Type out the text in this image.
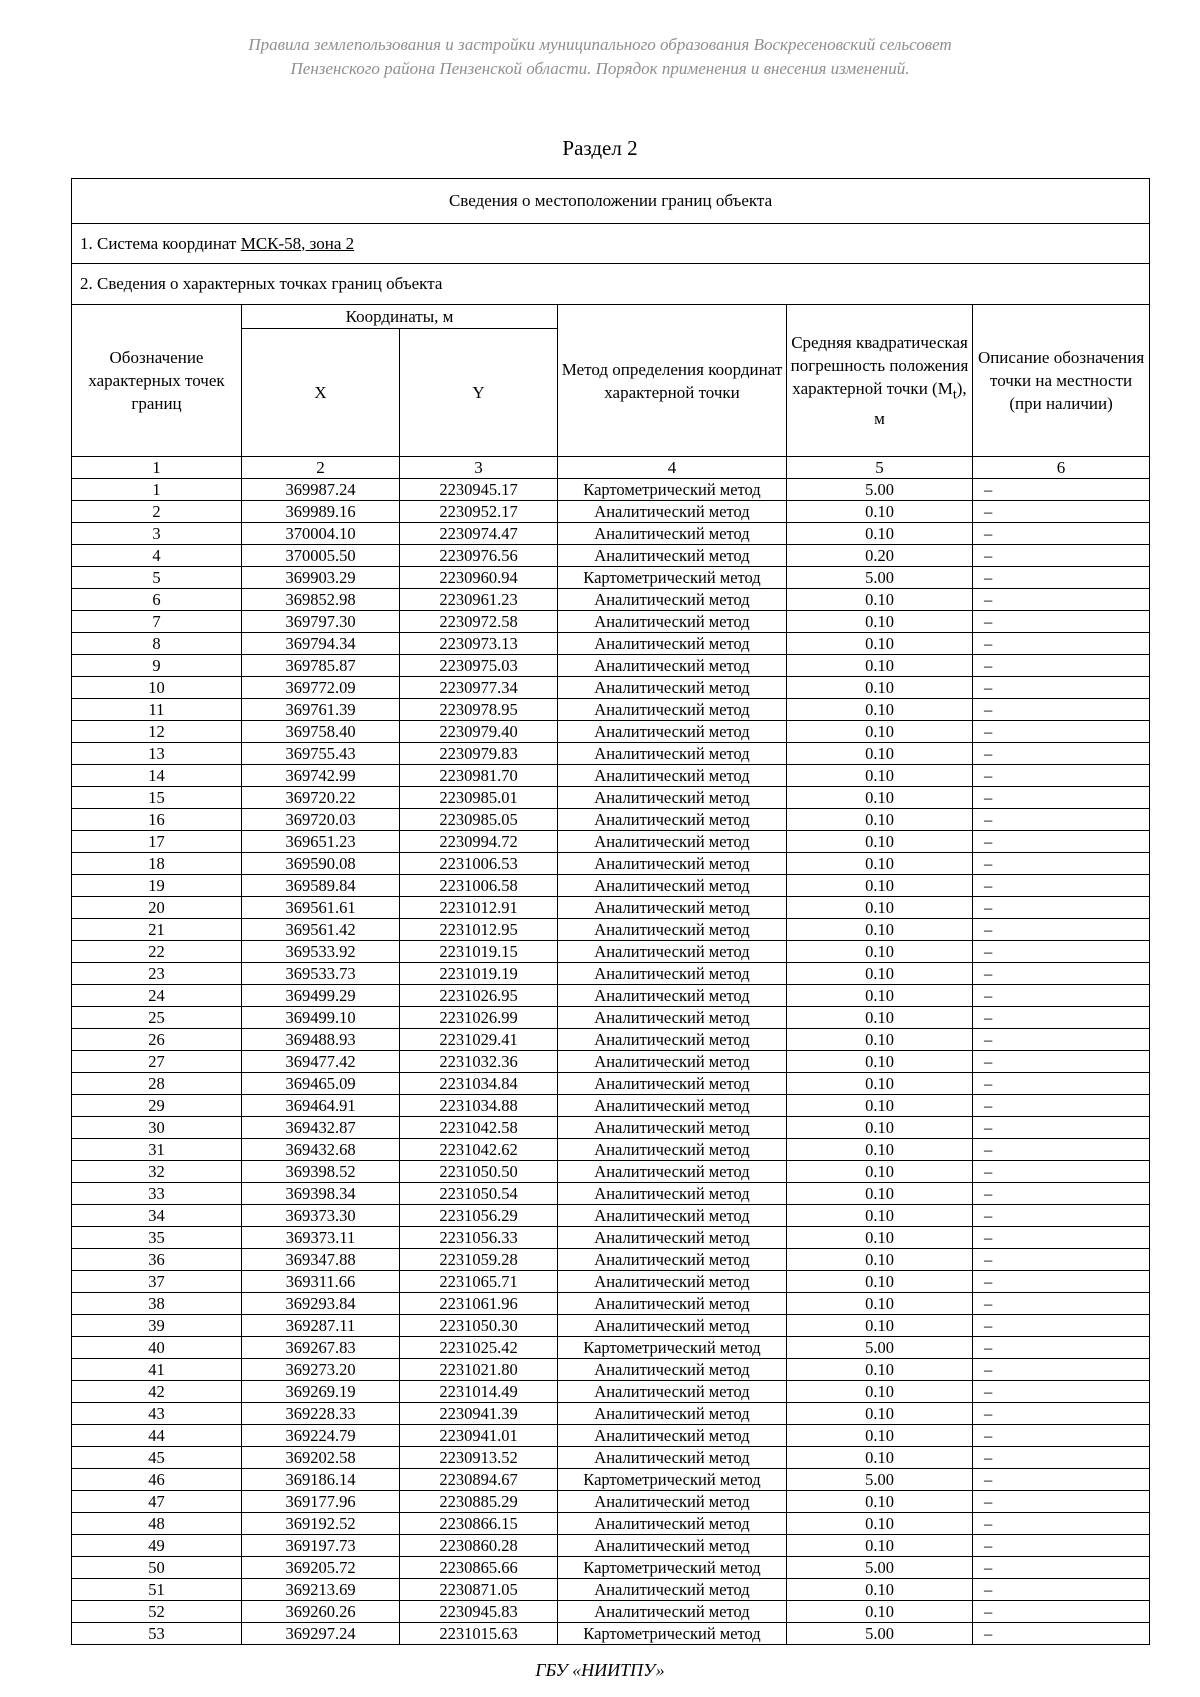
Правила землепользования и застройки муниципального образования Воскресеновский сельсовет
Пензенского района Пензенской области. Порядок применения и внесения изменений.
Раздел 2
Сведения о местоположении границ объекта					
1. Система координат МСК-58, зона 2					
2. Сведения о характерных точках границ объекта					
Обозначение характерных точек границ	Координаты, м		Метод определения координат характерной точки	Средняя квадратическая погрешность положения характерной точки $(M_t)$, м	Описание обозначения точки на местности (при наличии)
	X	Y			
1	2	3	4	5	6
1	369987.24	2230945.17	Картометрический метод	5.00	–
2	369989.16	2230952.17	Аналитический метод	0.10	–
3	370004.10	2230974.47	Аналитический метод	0.10	–
4	370005.50	2230976.56	Аналитический метод	0.20	–
5	369903.29	2230960.94	Картометрический метод	5.00	–
6	369852.98	2230961.23	Аналитический метод	0.10	–
7	369797.30	2230972.58	Аналитический метод	0.10	–
8	369794.34	2230973.13	Аналитический метод	0.10	–
9	369785.87	2230975.03	Аналитический метод	0.10	–
10	369772.09	2230977.34	Аналитический метод	0.10	–
11	369761.39	2230978.95	Аналитический метод	0.10	–
12	369758.40	2230979.40	Аналитический метод	0.10	–
13	369755.43	2230979.83	Аналитический метод	0.10	–
14	369742.99	2230981.70	Аналитический метод	0.10	–
15	369720.22	2230985.01	Аналитический метод	0.10	–
16	369720.03	2230985.05	Аналитический метод	0.10	–
17	369651.23	2230994.72	Аналитический метод	0.10	–
18	369590.08	2231006.53	Аналитический метод	0.10	–
19	369589.84	2231006.58	Аналитический метод	0.10	–
20	369561.61	2231012.91	Аналитический метод	0.10	–
21	369561.42	2231012.95	Аналитический метод	0.10	–
22	369533.92	2231019.15	Аналитический метод	0.10	–
23	369533.73	2231019.19	Аналитический метод	0.10	–
24	369499.29	2231026.95	Аналитический метод	0.10	–
25	369499.10	2231026.99	Аналитический метод	0.10	–
26	369488.93	2231029.41	Аналитический метод	0.10	–
27	369477.42	2231032.36	Аналитический метод	0.10	–
28	369465.09	2231034.84	Аналитический метод	0.10	–
29	369464.91	2231034.88	Аналитический метод	0.10	–
30	369432.87	2231042.58	Аналитический метод	0.10	–
31	369432.68	2231042.62	Аналитический метод	0.10	–
32	369398.52	2231050.50	Аналитический метод	0.10	–
33	369398.34	2231050.54	Аналитический метод	0.10	–
34	369373.30	2231056.29	Аналитический метод	0.10	–
35	369373.11	2231056.33	Аналитический метод	0.10	–
36	369347.88	2231059.28	Аналитический метод	0.10	–
37	369311.66	2231065.71	Аналитический метод	0.10	–
38	369293.84	2231061.96	Аналитический метод	0.10	–
39	369287.11	2231050.30	Аналитический метод	0.10	–
40	369267.83	2231025.42	Картометрический метод	5.00	–
41	369273.20	2231021.80	Аналитический метод	0.10	–
42	369269.19	2231014.49	Аналитический метод	0.10	–
43	369228.33	2230941.39	Аналитический метод	0.10	–
44	369224.79	2230941.01	Аналитический метод	0.10	–
45	369202.58	2230913.52	Аналитический метод	0.10	–
46	369186.14	2230894.67	Картометрический метод	5.00	–
47	369177.96	2230885.29	Аналитический метод	0.10	–
48	369192.52	2230866.15	Аналитический метод	0.10	–
49	369197.73	2230860.28	Аналитический метод	0.10	–
50	369205.72	2230865.66	Картометрический метод	5.00	–
51	369213.69	2230871.05	Аналитический метод	0.10	–
52	369260.26	2230945.83	Аналитический метод	0.10	–
53	369297.24	2231015.63	Картометрический метод	5.00	–
ГБУ «НИИТПУ»
